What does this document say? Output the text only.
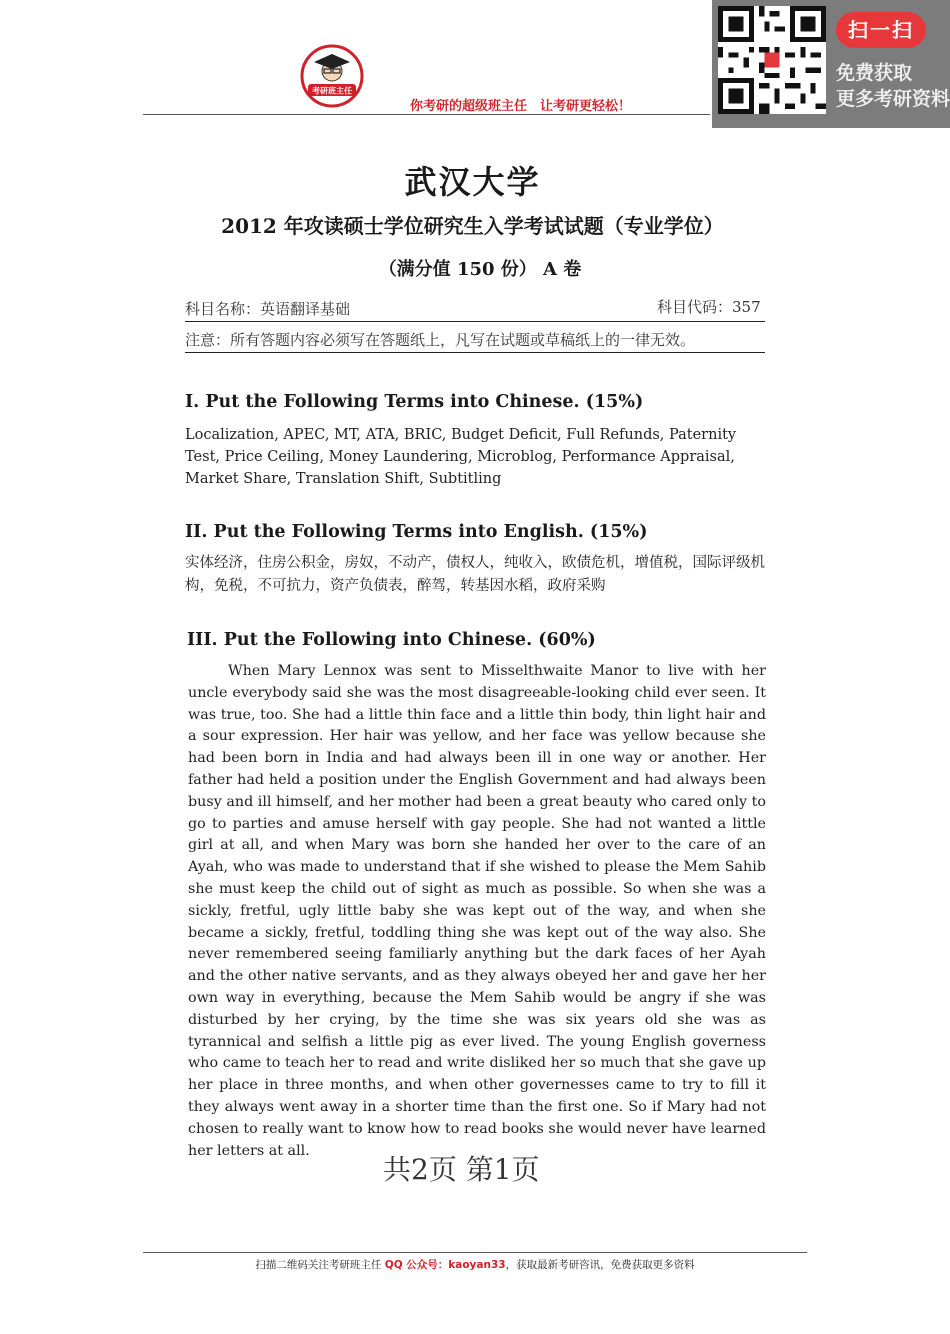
考研班主任
你考研的超级班主任　让考研更轻松！
扫一扫
免费获取
更多考研资料
武汉大学
2012 年攻读硕士学位研究生入学考试试题（专业学位）
（满分值 150 份） A 卷
科目名称：英语翻译基础	科目代码：357
注意：所有答题内容必须写在答题纸上，凡写在试题或草稿纸上的一律无效。
I. Put the Following Terms into Chinese. (15%)
Localization, APEC, MT, ATA, BRIC, Budget Deficit, Full Refunds, Paternity Test, Price Ceiling, Money Laundering, Microblog, Performance Appraisal, Market Share, Translation Shift, Subtitling
II. Put the Following Terms into English. (15%)
实体经济，住房公积金，房奴，不动产，债权人，纯收入，欧债危机，增值税，国际评级机构，免税，不可抗力，资产负债表，醉驾，转基因水稻，政府采购
III. Put the Following into Chinese. (60%)
When Mary Lennox was sent to Misselthwaite Manor to live with her uncle everybody said she was the most disagreeable-looking child ever seen. It was true, too. She had a little thin face and a little thin body, thin light hair and a sour expression. Her hair was yellow, and her face was yellow because she had been born in India and had always been ill in one way or another. Her father had held a position under the English Government and had always been busy and ill himself, and her mother had been a great beauty who cared only to go to parties and amuse herself with gay people. She had not wanted a little girl at all, and when Mary was born she handed her over to the care of an Ayah, who was made to understand that if she wished to please the Mem Sahib she must keep the child out of sight as much as possible. So when she was a sickly, fretful, ugly little baby she was kept out of the way, and when she became a sickly, fretful, toddling thing she was kept out of the way also. She never remembered seeing familiarly anything but the dark faces of her Ayah and the other native servants, and as they always obeyed her and gave her her own way in everything, because the Mem Sahib would be angry if she was disturbed by her crying, by the time she was six years old she was as tyrannical and selfish a little pig as ever lived. The young English governess who came to teach her to read and write disliked her so much that she gave up her place in three months, and when other governesses came to try to fill it they always went away in a shorter time than the first one. So if Mary had not chosen to really want to know how to read books she would never have learned her letters at all.
共2页 第1页
扫描二维码关注考研班主任 QQ 公众号：kaoyan33，获取最新考研咨讯，免费获取更多资料
